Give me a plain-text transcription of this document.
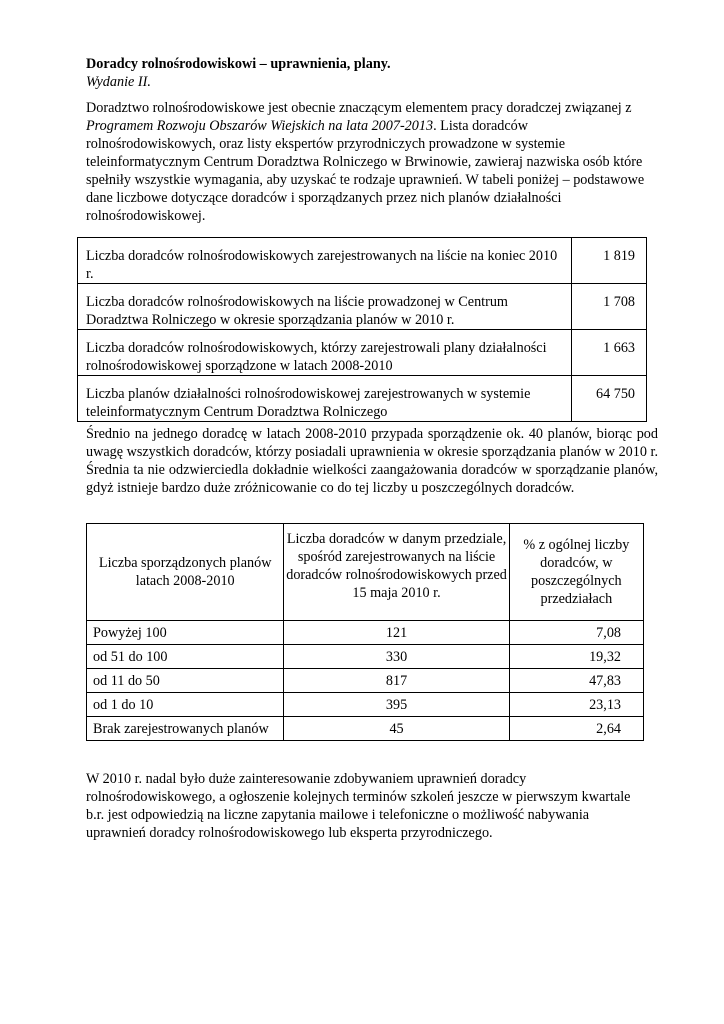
Doradcy rolnośrodowiskowi – uprawnienia, plany.
Wydanie II.

Doradztwo rolnośrodowiskowe jest obecnie znaczącym elementem pracy doradczej związanej z Programem Rozwoju Obszarów Wiejskich na lata 2007-2013. Lista doradców rolnośrodowiskowych, oraz listy ekspertów przyrodniczych prowadzone w systemie teleinformatycznym Centrum Doradztwa Rolniczego w Brwinowie, zawieraj nazwiska osób które spełniły wszystkie wymagania, aby uzyskać te rodzaje uprawnień. W tabeli poniżej – podstawowe dane liczbowe dotyczące doradców i sporządzanych przez nich planów działalności rolnośrodowiskowej.

Liczba doradców rolnośrodowiskowych zarejestrowanych na liście na koniec 2010 r.	1 819
Liczba doradców rolnośrodowiskowych na liście prowadzonej w Centrum Doradztwa Rolniczego w okresie sporządzania planów w 2010 r.	1 708
Liczba doradców rolnośrodowiskowych, którzy zarejestrowali plany działalności rolnośrodowiskowej sporządzone w latach 2008-2010	1 663
Liczba planów działalności rolnośrodowiskowej zarejestrowanych w systemie teleinformatycznym Centrum Doradztwa Rolniczego	64 750

Średnio na jednego doradcę w latach 2008-2010 przypada sporządzenie ok. 40 planów, biorąc pod uwagę wszystkich doradców, którzy posiadali uprawnienia w okresie sporządzania planów w 2010 r. Średnia ta nie odzwierciedla dokładnie wielkości zaangażowania doradców w sporządzanie planów, gdyż istnieje bardzo duże zróżnicowanie co do tej liczby u poszczególnych doradców.

Liczba sporządzonych planów latach 2008-2010	Liczba doradców w danym przedziale, spośród zarejestrowanych na liście doradców rolnośrodowiskowych przed 15 maja 2010 r.	% z ogólnej liczby doradców, w poszczególnych przedziałach
Powyżej 100	121	7,08
od 51 do 100	330	19,32
od 11 do 50	817	47,83
od 1 do 10	395	23,13
Brak zarejestrowanych planów	45	2,64

W 2010 r. nadal było duże zainteresowanie zdobywaniem uprawnień doradcy rolnośrodowiskowego, a ogłoszenie kolejnych terminów szkoleń jeszcze w pierwszym kwartale b.r. jest odpowiedzią na liczne zapytania mailowe i telefoniczne o możliwość nabywania uprawnień doradcy rolnośrodowiskowego lub eksperta przyrodniczego.
